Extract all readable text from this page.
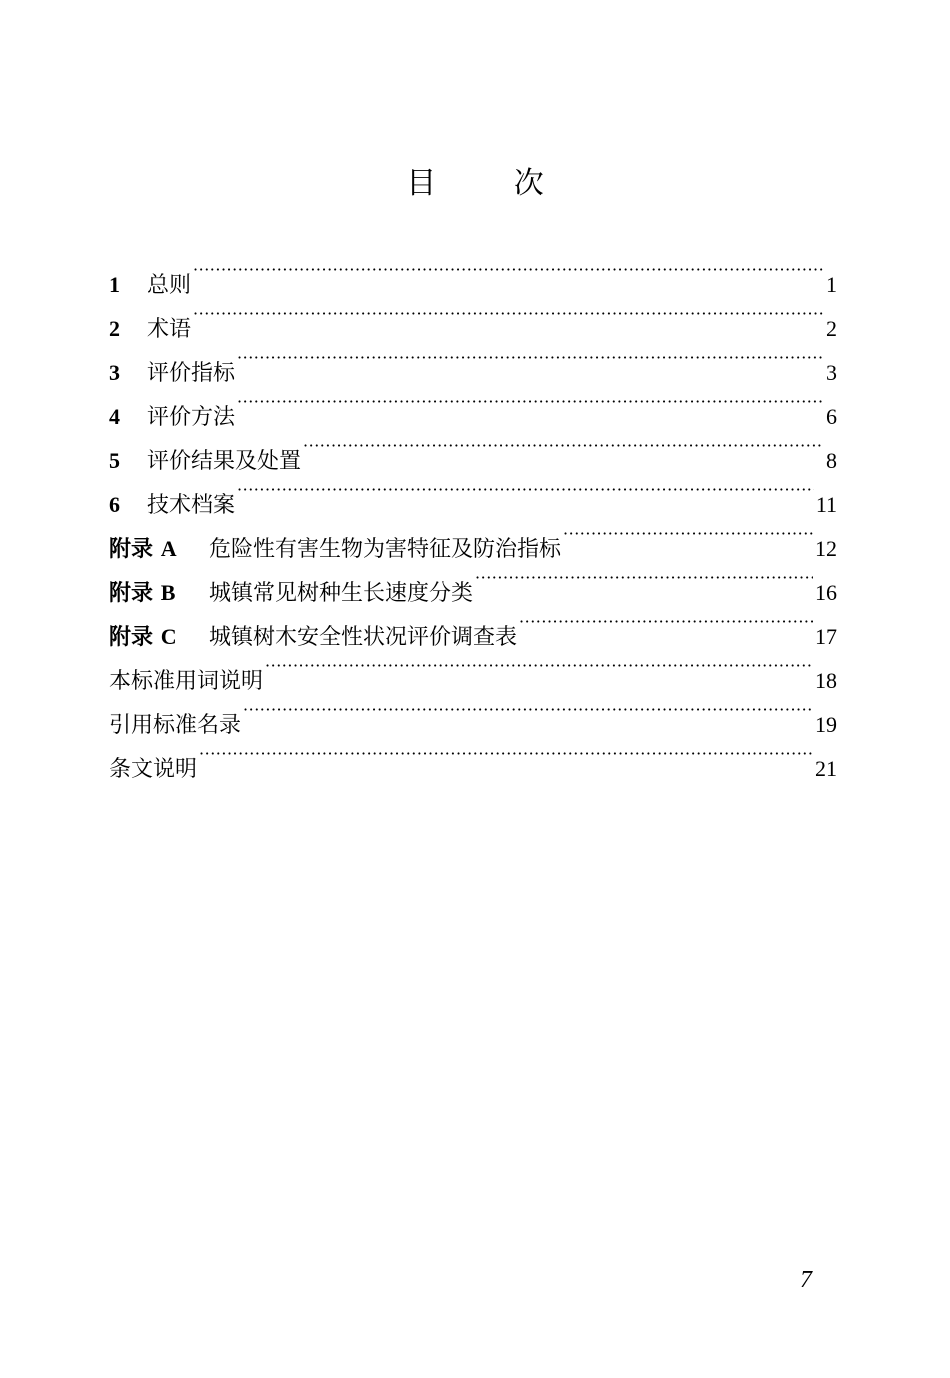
目 次
1	总则 ·····	1
2	术语 ·····	2
3	评价指标 ·····	3
4	评价方法 ·····	6
5	评价结果及处置 ·····	8
6	技术档案 ·····	11
附录 A	危险性有害生物为害特征及防治指标 ·····	12
附录 B	城镇常见树种生长速度分类 ·····	16
附录 C	城镇树木安全性状况评价调查表 ·····	17
本标准用词说明 ·····	18
引用标准名录 ·····	19
条文说明 ·····	21
7
